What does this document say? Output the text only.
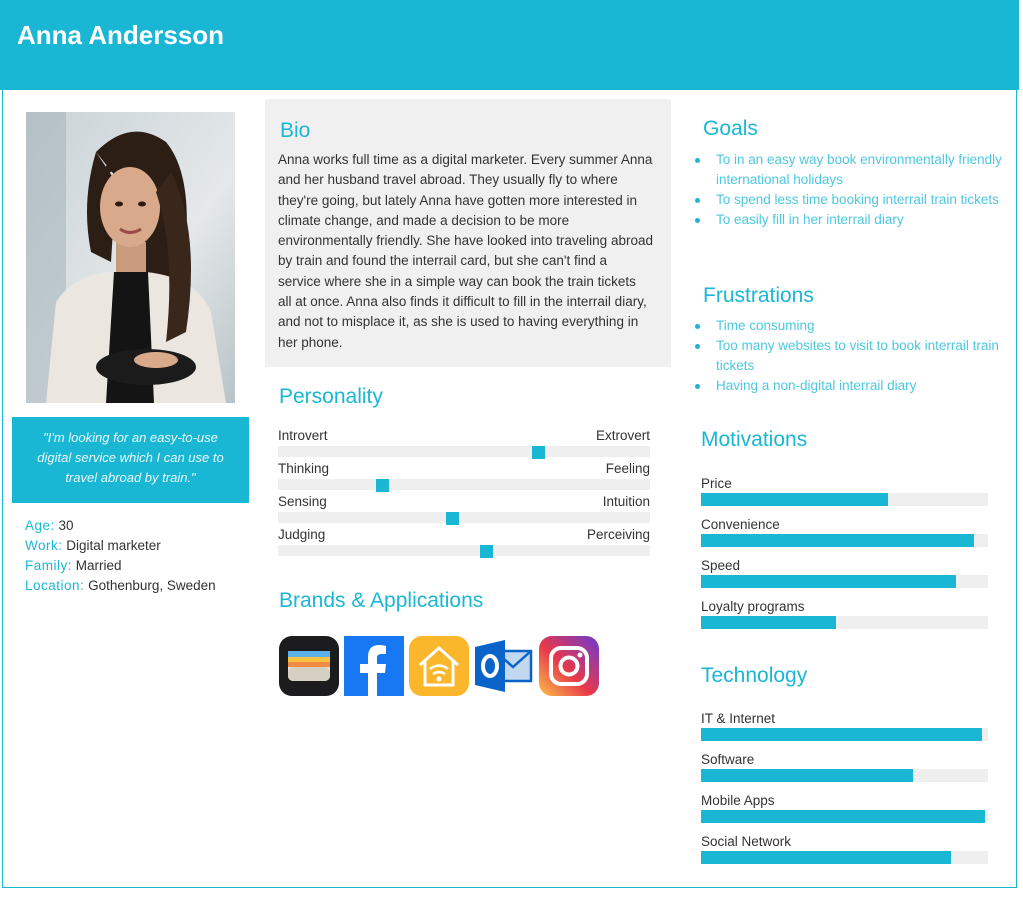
Anna Andersson
"I'm looking for an easy-to-use digital service which I can use to travel abroad by train."
Age: 30
Work: Digital marketer
Family: Married
Location: Gothenburg, Sweden
Bio
Anna works full time as a digital marketer. Every summer Anna and her husband travel abroad. They usually fly to where they're going, but lately Anna have gotten more interested in climate change, and made a decision to be more environmentally friendly. She have looked into traveling abroad by train and found the interrail card, but she can't find a service where she in a simple way can book the train tickets all at once. Anna also finds it difficult to fill in the interrail diary, and not to misplace it, as she is used to having everything in her phone.
Personality
Introvert	Extrovert
Thinking	Feeling
Sensing	Intuition
Judging	Perceiving
Brands & Applications
Goals
To in an easy way book environmentally friendly international holidays
To spend less time booking interrail train tickets
To easily fill in her interrail diary
Frustrations
Time consuming
Too many websites to visit to book interrail train tickets
Having a non-digital interrail diary
Motivations
Price
Convenience
Speed
Loyalty programs
Technology
IT & Internet
Software
Mobile Apps
Social Network
